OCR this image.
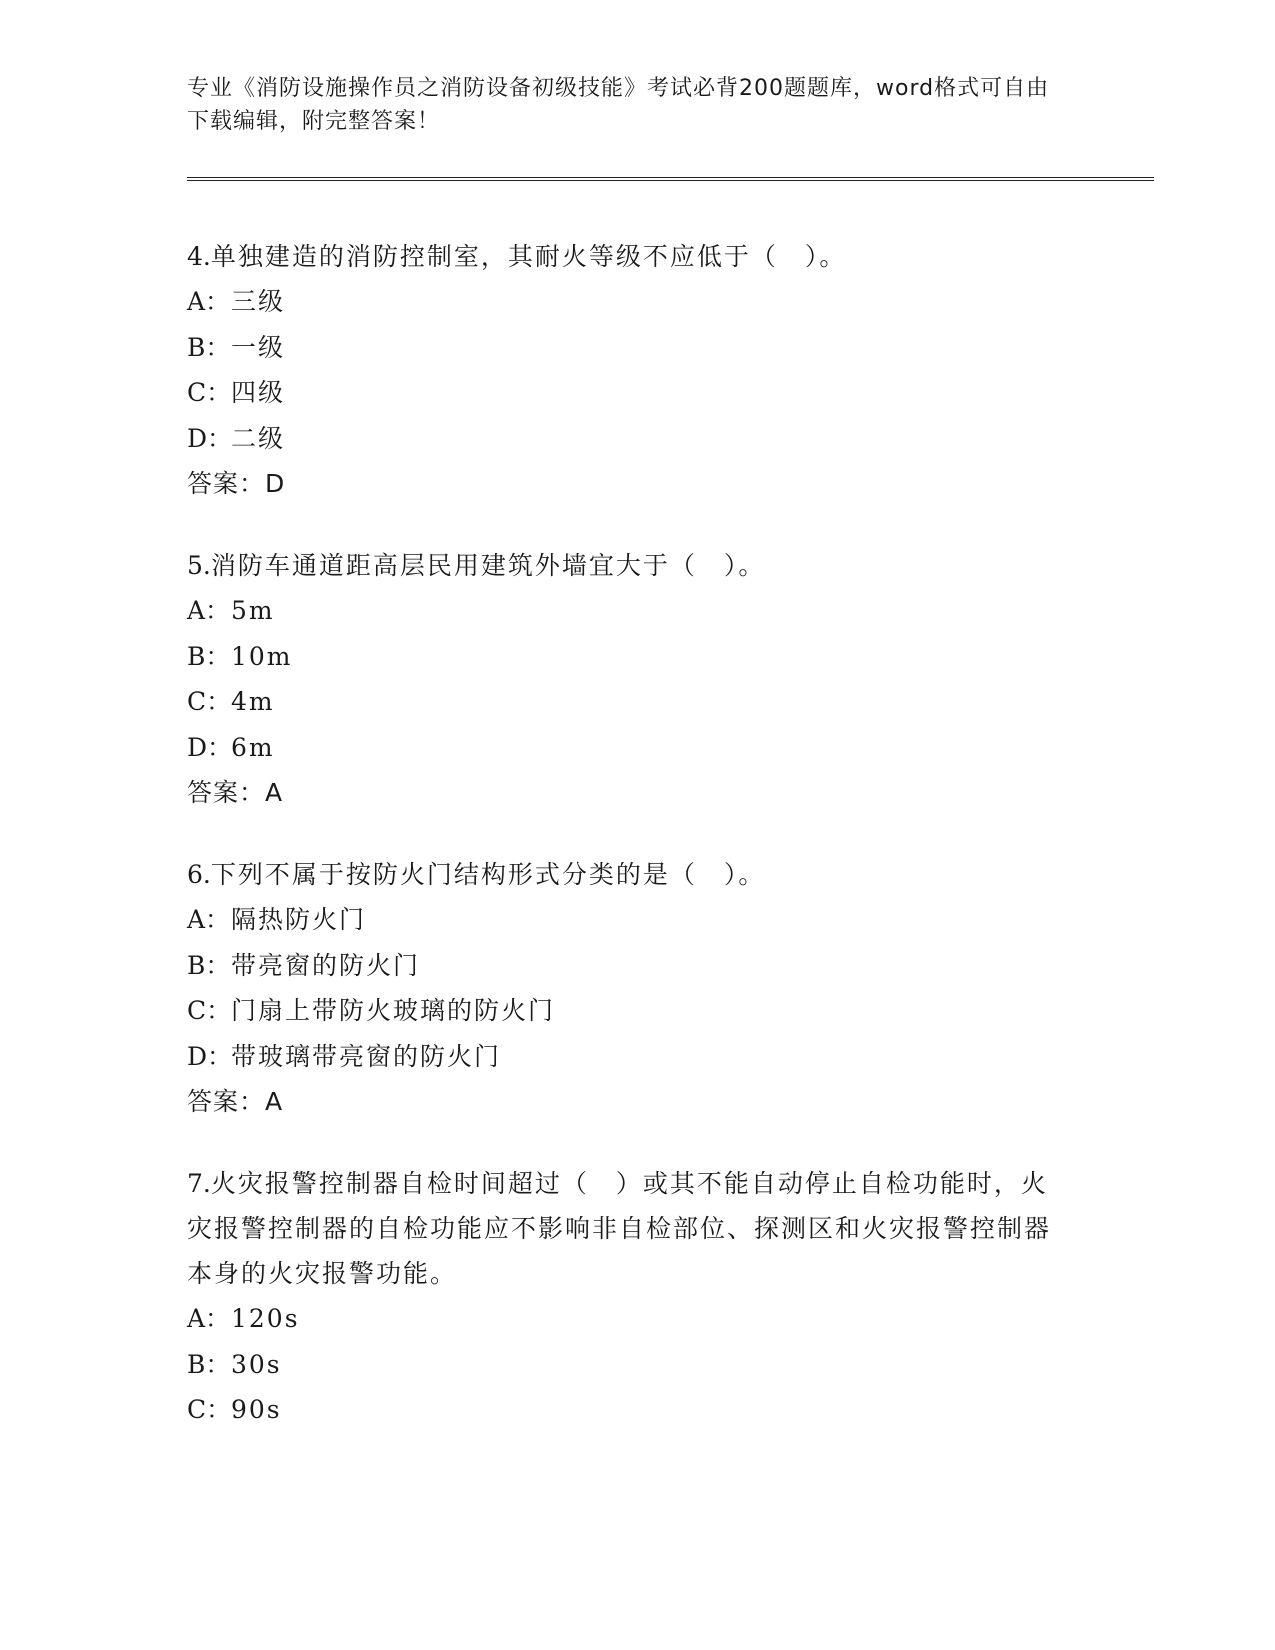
专业《消防设施操作员之消防设备初级技能》考试必背200题题库，word格式可自由下载编辑，附完整答案！

4.单独建造的消防控制室，其耐火等级不应低于（　）。

A：三级
B：一级
C：四级
D：二级
答案：D

5.消防车通道距高层民用建筑外墙宜大于（　）。

A：5m
B：10m
C：4m
D：6m
答案：A

6.下列不属于按防火门结构形式分类的是（　）。

A：隔热防火门
B：带亮窗的防火门
C：门扇上带防火玻璃的防火门
D：带玻璃带亮窗的防火门
答案：A

7.火灾报警控制器自检时间超过（　）或其不能自动停止自检功能时，火灾报警控制器的自检功能应不影响非自检部位、探测区和火灾报警控制器本身的火灾报警功能。

A：120s
B：30s
C：90s
